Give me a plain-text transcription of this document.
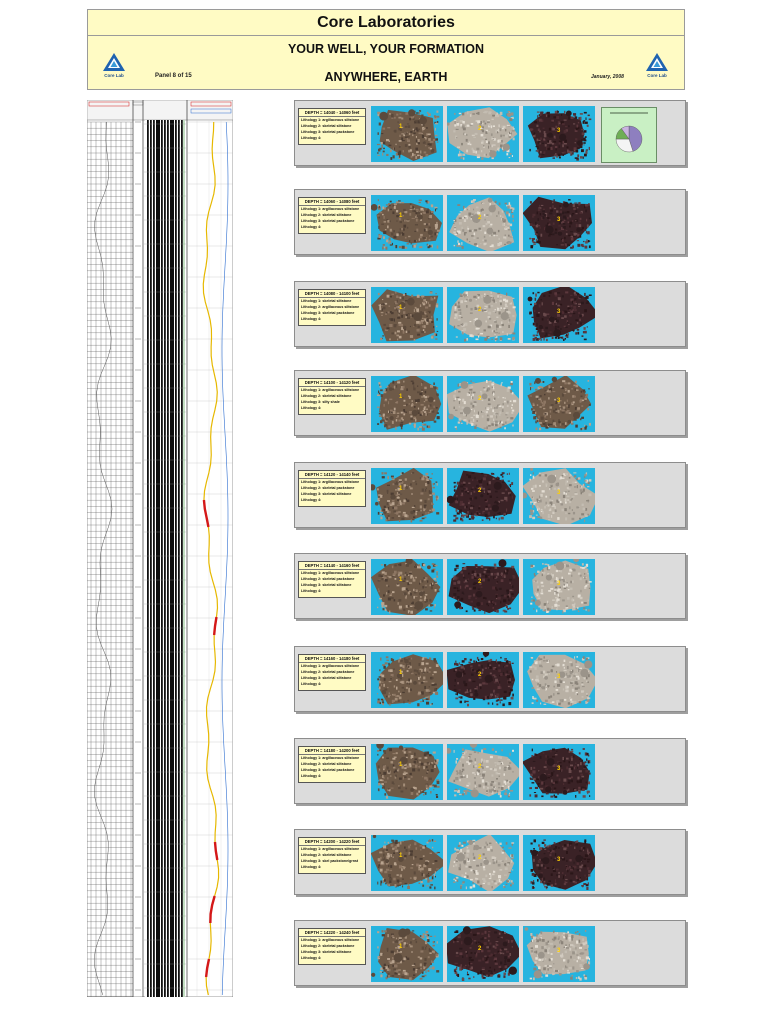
Core Laboratories
YOUR WELL, YOUR FORMATION
ANYWHERE, EARTH
Panel 8 of 15	January, 2008
Core Lab	Core Lab
DEPTH = 14040 - 14060 feet
Lithology 1: argillaceous siltstone
Lithology 2: skeletal siltstone
Lithology 3: skeletal packstone
Lithology 4:
1	2	3
DEPTH = 14060 - 14080 feet
Lithology 1: argillaceous siltstone
Lithology 2: skeletal siltstone
Lithology 3: skeletal packstone
Lithology 4:
1	2	3
DEPTH = 14080 - 14100 feet
Lithology 1: skeletal siltstone
Lithology 2: argillaceous siltstone
Lithology 3: skeletal packstone
Lithology 4:
1	2	3
DEPTH = 14100 - 14120 feet
Lithology 1: argillaceous siltstone
Lithology 2: skeletal siltstone
Lithology 3: silty shale
Lithology 4:
1	2	3
DEPTH = 14120 - 14140 feet
Lithology 1: argillaceous siltstone
Lithology 2: skeletal packstone
Lithology 3: skeletal siltstone
Lithology 4:
1	2	3
DEPTH = 14140 - 14160 feet
Lithology 1: argillaceous siltstone
Lithology 2: skeletal packstone
Lithology 3: skeletal siltstone
Lithology 4:
1	2	3
DEPTH = 14160 - 14180 feet
Lithology 1: argillaceous siltstone
Lithology 2: skeletal packstone
Lithology 3: skeletal siltstone
Lithology 4:
1	2	3
DEPTH = 14180 - 14200 feet
Lithology 1: argillaceous siltstone
Lithology 2: skeletal siltstone
Lithology 3: skeletal packstone
Lithology 4:
1	2	3
DEPTH = 14200 - 14220 feet
Lithology 1: argillaceous siltstone
Lithology 2: skeletal siltstone
Lithology 3: skel packstone/grnst
Lithology 4:
1	2	3
DEPTH = 14220 - 14240 feet
Lithology 1: argillaceous siltstone
Lithology 2: skeletal packstone
Lithology 3: skeletal siltstone
Lithology 4:
1	2	3
